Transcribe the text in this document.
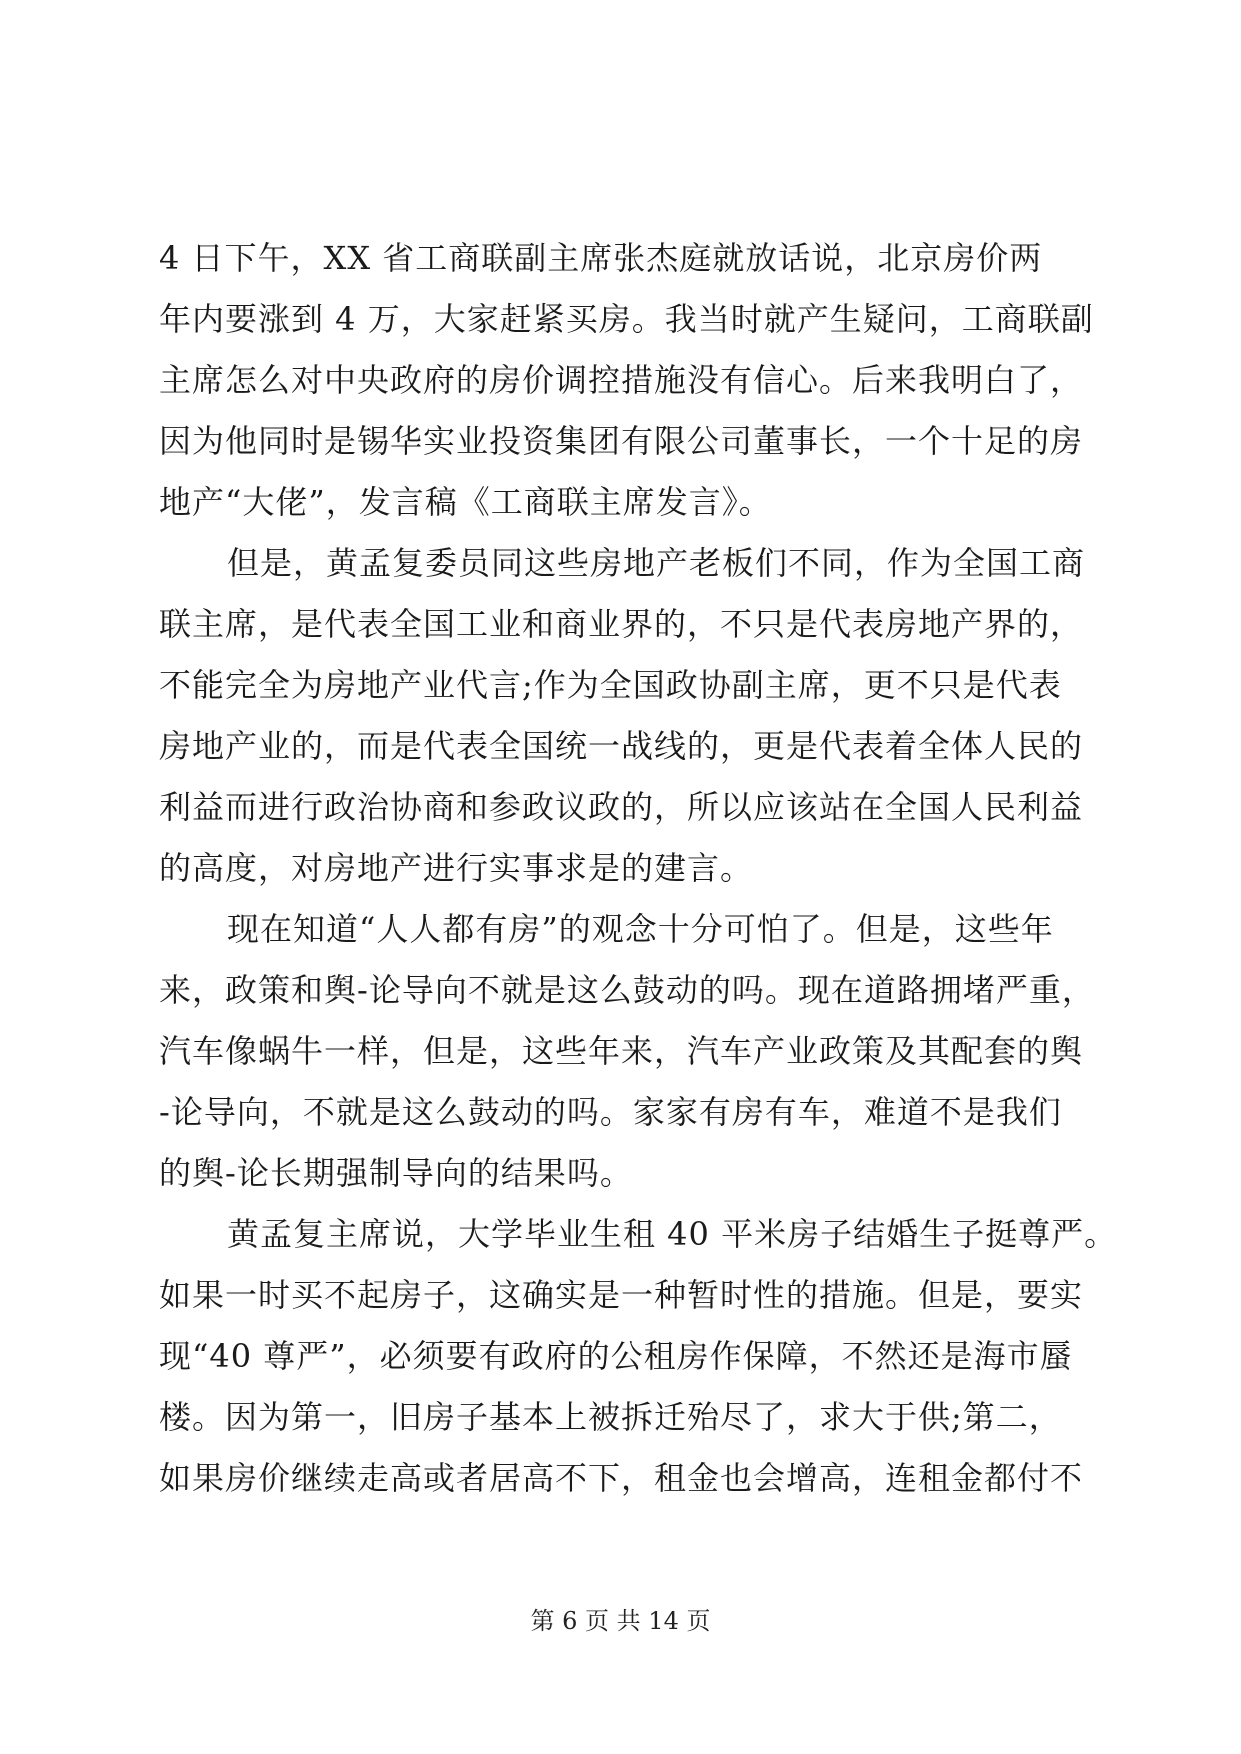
4 日下午，XX 省工商联副主席张杰庭就放话说，北京房价两
年内要涨到 4 万，大家赶紧买房。我当时就产生疑问，工商联副
主席怎么对中央政府的房价调控措施没有信心。后来我明白了，
因为他同时是锡华实业投资集团有限公司董事长，一个十足的房
地产“大佬”，发言稿《工商联主席发言》。
但是，黄孟复委员同这些房地产老板们不同，作为全国工商
联主席，是代表全国工业和商业界的，不只是代表房地产界的，
不能完全为房地产业代言;作为全国政协副主席，更不只是代表
房地产业的，而是代表全国统一战线的，更是代表着全体人民的
利益而进行政治协商和参政议政的，所以应该站在全国人民利益
的高度，对房地产进行实事求是的建言。
现在知道“人人都有房”的观念十分可怕了。但是，这些年
来，政策和舆-论导向不就是这么鼓动的吗。现在道路拥堵严重，
汽车像蜗牛一样，但是，这些年来，汽车产业政策及其配套的舆
-论导向，不就是这么鼓动的吗。家家有房有车，难道不是我们
的舆-论长期强制导向的结果吗。
黄孟复主席说，大学毕业生租 40 平米房子结婚生子挺尊严。
如果一时买不起房子，这确实是一种暂时性的措施。但是，要实
现“40 尊严”，必须要有政府的公租房作保障，不然还是海市蜃
楼。因为第一，旧房子基本上被拆迁殆尽了，求大于供;第二，
如果房价继续走高或者居高不下，租金也会增高，连租金都付不
第 6 页 共 14 页
